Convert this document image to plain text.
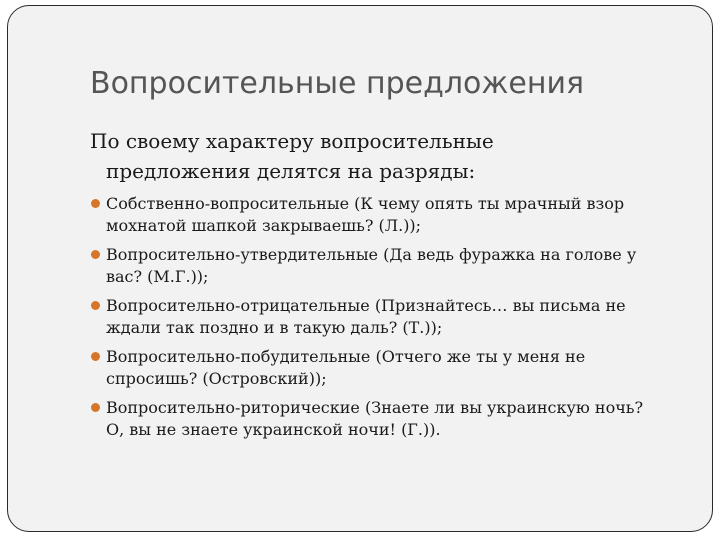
Вопросительные предложения
По своему характеру вопросительные
предложения делятся на разряды:
Собственно-вопросительные (К чему опять ты мрачный взор
мохнатой шапкой закрываешь? (Л.));
Вопросительно-утвердительные (Да ведь фуражка на голове у
вас? (М.Г.));
Вопросительно-отрицательные (Признайтесь… вы письма не
ждали так поздно и в такую даль? (Т.));
Вопросительно-побудительные (Отчего же ты у меня не
спросишь? (Островский));
Вопросительно-риторические (Знаете ли вы украинскую ночь?
О, вы не знаете украинской ночи! (Г.)).
